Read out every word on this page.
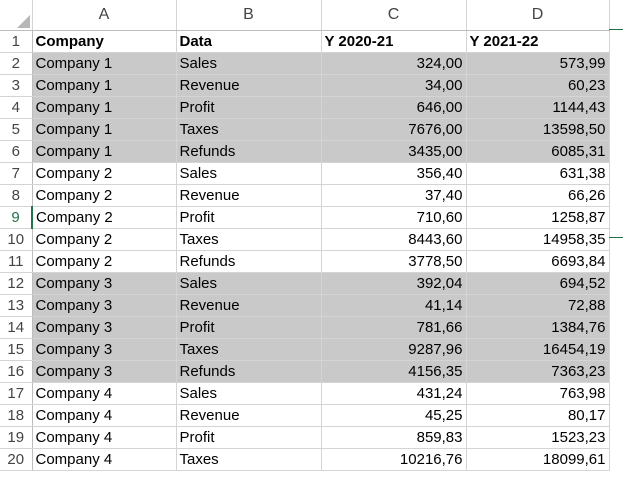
	A	B	C	D
1	Company	Data	Y 2020-21	Y 2021-22
2	Company 1	Sales	324,00	573,99
3	Company 1	Revenue	34,00	60,23
4	Company 1	Profit	646,00	1144,43
5	Company 1	Taxes	7676,00	13598,50
6	Company 1	Refunds	3435,00	6085,31
7	Company 2	Sales	356,40	631,38
8	Company 2	Revenue	37,40	66,26
9	Company 2	Profit	710,60	1258,87
10	Company 2	Taxes	8443,60	14958,35
11	Company 2	Refunds	3778,50	6693,84
12	Company 3	Sales	392,04	694,52
13	Company 3	Revenue	41,14	72,88
14	Company 3	Profit	781,66	1384,76
15	Company 3	Taxes	9287,96	16454,19
16	Company 3	Refunds	4156,35	7363,23
17	Company 4	Sales	431,24	763,98
18	Company 4	Revenue	45,25	80,17
19	Company 4	Profit	859,83	1523,23
20	Company 4	Taxes	10216,76	18099,61
